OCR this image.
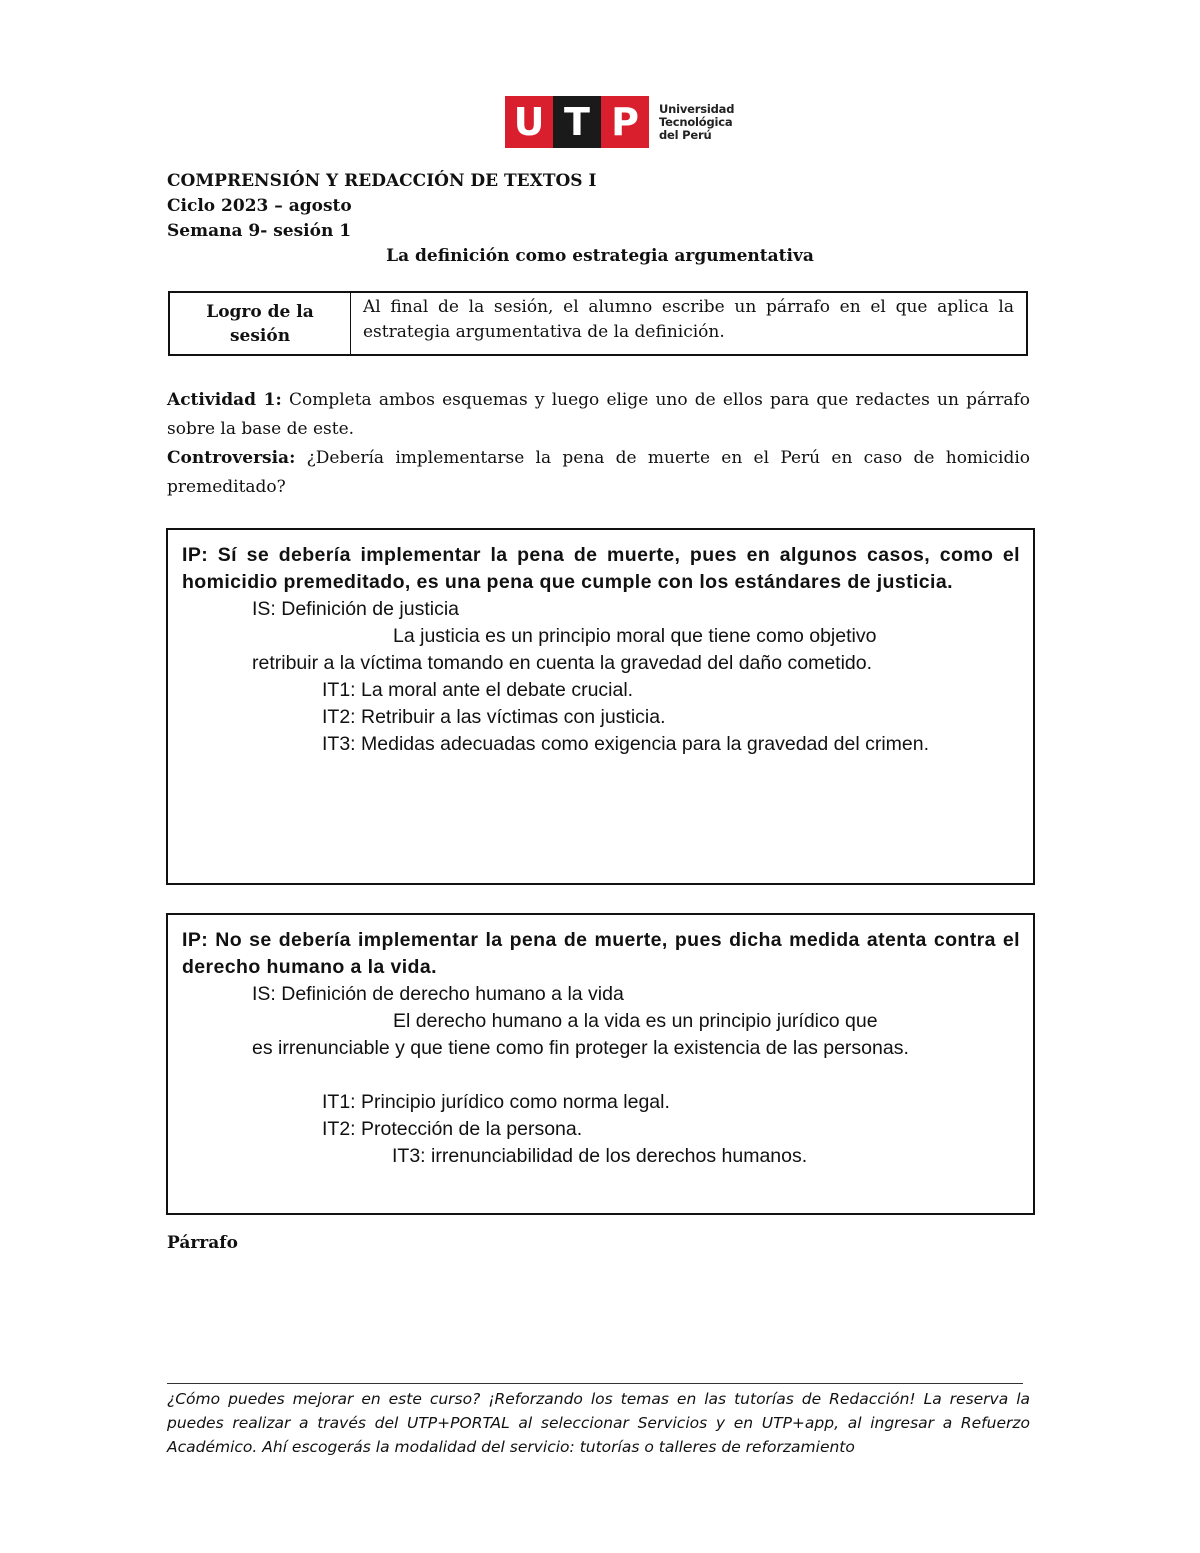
U T P	Universidad
Tecnológica
del Perú
COMPRENSIÓN Y REDACCIÓN DE TEXTOS I
Ciclo 2023 – agosto
Semana 9- sesión 1
La definición como estrategia argumentativa
Logro de la sesión
Al final de la sesión, el alumno escribe un párrafo en el que aplica la estrategia argumentativa de la definición.
Actividad 1: Completa ambos esquemas y luego elige uno de ellos para que redactes un párrafo sobre la base de este.
Controversia: ¿Debería implementarse la pena de muerte en el Perú en caso de homicidio premeditado?
IP: Sí se debería implementar la pena de muerte, pues en algunos casos, como el homicidio premeditado, es una pena que cumple con los estándares de justicia.
IS: Definición de justicia
La justicia es un principio moral que tiene como objetivo
retribuir a la víctima tomando en cuenta la gravedad del daño cometido.
IT1: La moral ante el debate crucial.
IT2: Retribuir a las víctimas con justicia.
IT3: Medidas adecuadas como exigencia para la gravedad del crimen.
IP: No se debería implementar la pena de muerte, pues dicha medida atenta contra el derecho humano a la vida.
IS: Definición de derecho humano a la vida
El derecho humano a la vida es un principio jurídico que
es irrenunciable y que tiene como fin proteger la existencia de las personas.
IT1: Principio jurídico como norma legal.
IT2: Protección de la persona.
IT3: irrenunciabilidad de los derechos humanos.
Párrafo
¿Cómo puedes mejorar en este curso? ¡Reforzando los temas en las tutorías de Redacción! La reserva la puedes realizar a través del UTP+PORTAL al seleccionar Servicios y en UTP+app, al ingresar a Refuerzo Académico. Ahí escogerás la modalidad del servicio: tutorías o talleres de reforzamiento
